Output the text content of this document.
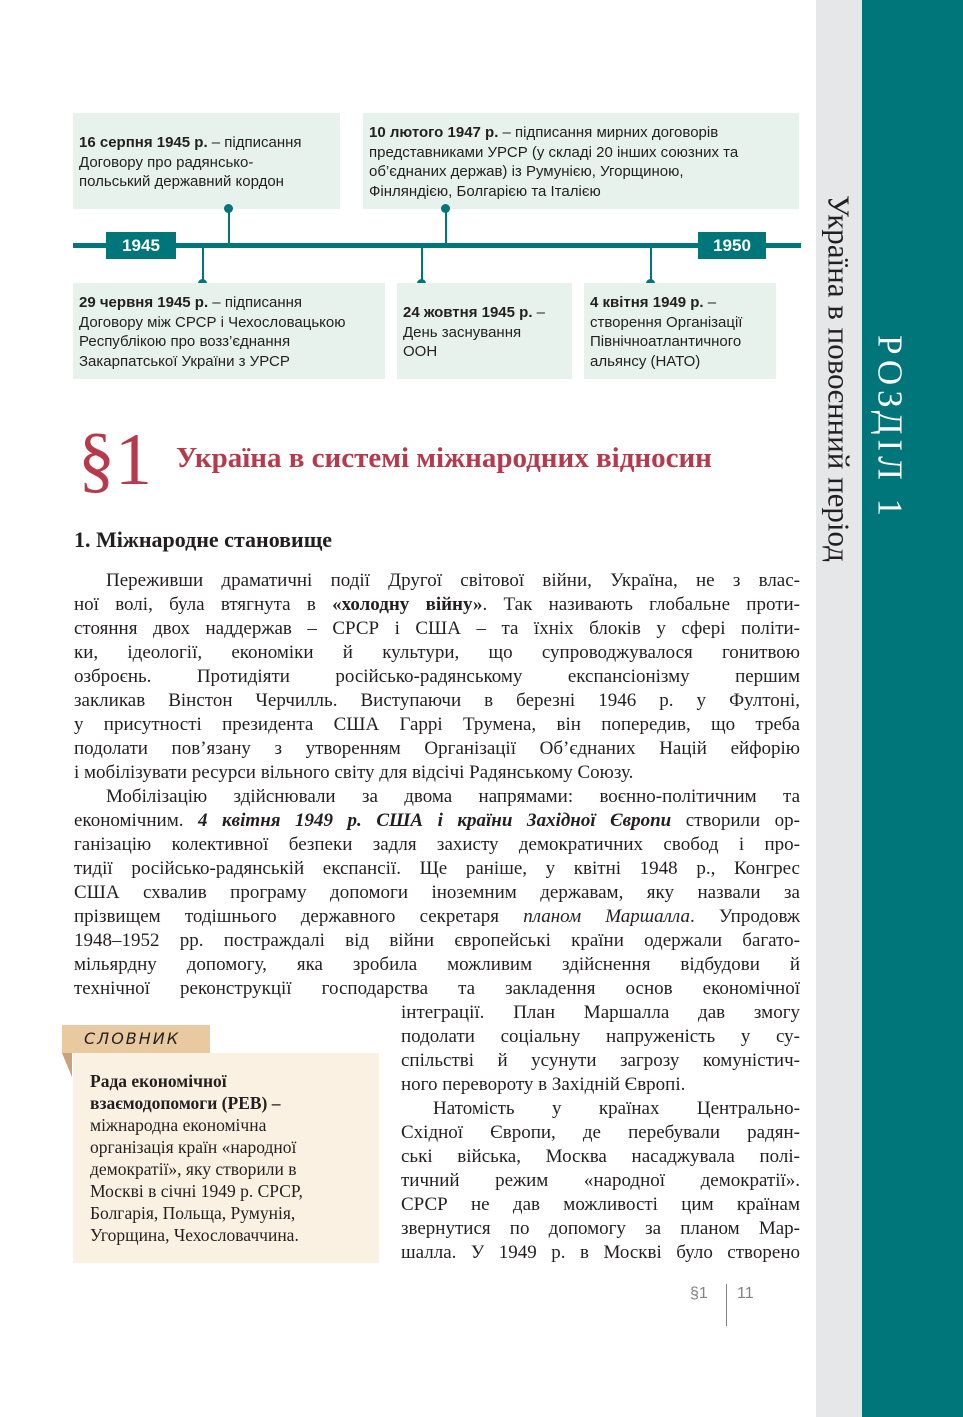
Україна в повоєнний період РОЗДІЛ 1
16 серпня 1945 р. – підписання
Договору про радянсько-
польський державний кордон
10 лютого 1947 р. – підписання мирних договорів
представниками УРСР (у складі 20 інших союзних та
об’єднаних держав) із Румунією, Угорщиною,
Фінляндією, Болгарією та Італією
1945	1950
29 червня 1945 р. – підписання
Договору між СРСР і Чехословацькою
Республікою про возз’єднання
Закарпатської України з УРСР
24 жовтня 1945 р. –
День заснування
ООН
4 квітня 1949 р. –
створення Організації
Північноатлантичного
альянсу (НАТО)
§1 Україна в системі міжнародних відносин
1. Міжнародне становище
Переживши драматичні події Другої світової війни, Україна, не з влас-
ної волі, була втягнута в «холодну війну». Так називають глобальне проти-
стояння двох наддержав – СРСР і США – та їхніх блоків у сфері політи-
ки, ідеології, економіки й культури, що супроводжувалося гонитвою
озброєнь. Протидіяти російсько-радянському експансіонізму першим
закликав Вінстон Черчилль. Виступаючи в березні 1946 р. у Фултоні,
у присутності президента США Гаррі Трумена, він попередив, що треба
подолати пов’язану з утворенням Організації Об’єднаних Націй ейфорію
і мобілізувати ресурси вільного світу для відсічі Радянському Союзу.
Мобілізацію здійснювали за двома напрямами: воєнно-політичним та
економічним. 4 квітня 1949 р. США і країни Західної Європи створили ор-
ганізацію колективної безпеки задля захисту демократичних свобод і про-
тидії російсько-радянській експансії. Ще раніше, у квітні 1948 р., Конгрес
США схвалив програму допомоги іноземним державам, яку назвали за
прізвищем тодішнього державного секретаря планом Маршалла. Упродовж
1948–1952 рр. постраждалі від війни європейські країни одержали багато-
мільярдну допомогу, яка зробила можливим здійснення відбудови й
технічної реконструкції господарства та закладення основ економічної
інтеграції. План Маршалла дав змогу
подолати соціальну напруженість у су-
спільстві й усунути загрозу комуністич-
ного перевороту в Західній Європі.
Натомість у країнах Центрально-
Східної Європи, де перебували радян-
ські війська, Москва насаджувала полі-
тичний режим «народної демократії».
СРСР не дав можливості цим країнам
звернутися по допомогу за планом Мар-
шалла. У 1949 р. в Москві було створено
СЛОВНИК
Рада економічної
взаємодопомоги (РЕВ) –
міжнародна економічна
організація країн «народної
демократії», яку створили в
Москві в січні 1949 р. СРСР,
Болгарія, Польща, Румунія,
Угорщина, Чехословаччина.
§1 11
